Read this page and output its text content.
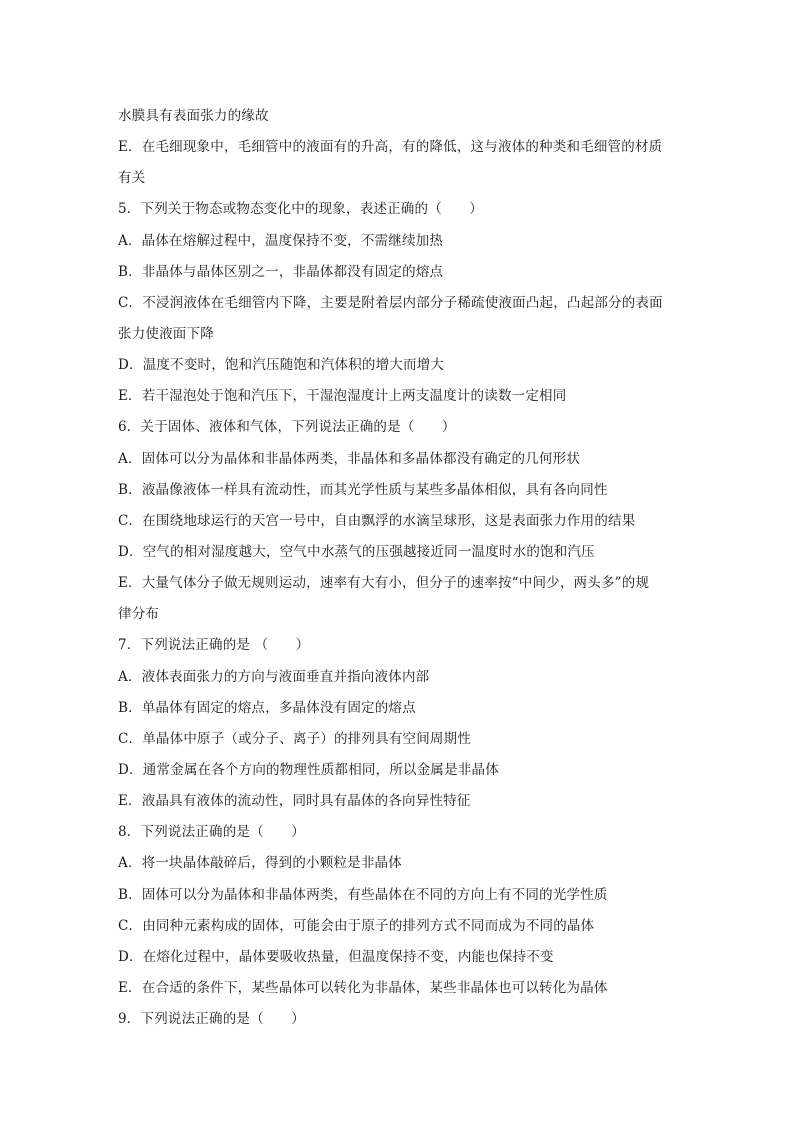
水膜具有表面张力的缘故
E．在毛细现象中，毛细管中的液面有的升高，有的降低，这与液体的种类和毛细管的材质
有关
5．下列关于物态或物态变化中的现象，表述正确的（　　）
A．晶体在熔解过程中，温度保持不变，不需继续加热
B．非晶体与晶体区别之一，非晶体都没有固定的熔点
C．不浸润液体在毛细管内下降，主要是附着层内部分子稀疏使液面凸起，凸起部分的表面
张力使液面下降
D．温度不变时，饱和汽压随饱和汽体积的增大而增大
E．若干湿泡处于饱和汽压下，干湿泡湿度计上两支温度计的读数一定相同
6．关于固体、液体和气体，下列说法正确的是（　　）
A．固体可以分为晶体和非晶体两类，非晶体和多晶体都没有确定的几何形状
B．液晶像液体一样具有流动性，而其光学性质与某些多晶体相似，具有各向同性
C．在围绕地球运行的天宫一号中，自由飘浮的水滴呈球形，这是表面张力作用的结果
D．空气的相对湿度越大，空气中水蒸气的压强越接近同一温度时水的饱和汽压
E．大量气体分子做无规则运动，速率有大有小，但分子的速率按“中间少，两头多”的规
律分布
7．下列说法正确的是 （　　）
A．液体表面张力的方向与液面垂直并指向液体内部
B．单晶体有固定的熔点，多晶体没有固定的熔点
C．单晶体中原子（或分子、离子）的排列具有空间周期性
D．通常金属在各个方向的物理性质都相同，所以金属是非晶体
E．液晶具有液体的流动性，同时具有晶体的各向异性特征
8．下列说法正确的是（　　）
A．将一块晶体敲碎后，得到的小颗粒是非晶体
B．固体可以分为晶体和非晶体两类，有些晶体在不同的方向上有不同的光学性质
C．由同种元素构成的固体，可能会由于原子的排列方式不同而成为不同的晶体
D．在熔化过程中，晶体要吸收热量，但温度保持不变，内能也保持不变
E．在合适的条件下，某些晶体可以转化为非晶体，某些非晶体也可以转化为晶体
9．下列说法正确的是（　　）
